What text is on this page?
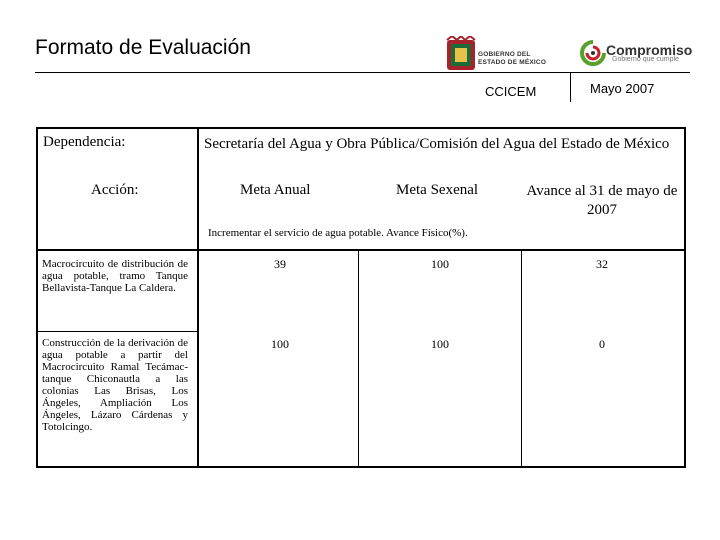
Formato de Evaluación	GOBIERNO DEL
ESTADO DE MÉXICO
Compromiso
Gobierno que cumple
CCICEM	Mayo 2007
Dependencia:	Secretaría del Agua y Obra Pública/Comisión del Agua del Estado de México
Acción:	Meta Anual	Meta Sexenal	Avance al 31 de mayo de 2007
Incrementar el servicio de agua potable. Avance Físico(%).
Macrocircuito de distribución de agua potable, tramo Tanque Bellavista-Tanque La Caldera.
39	100	32
Construcción de la derivación de agua potable a partir del Macrocircuito Ramal Tecámac-tanque Chiconautla a las colonias Las Brisas, Los Ángeles, Ampliación Los Ángeles, Lázaro Cárdenas y Totolcingo.
100	100	0
